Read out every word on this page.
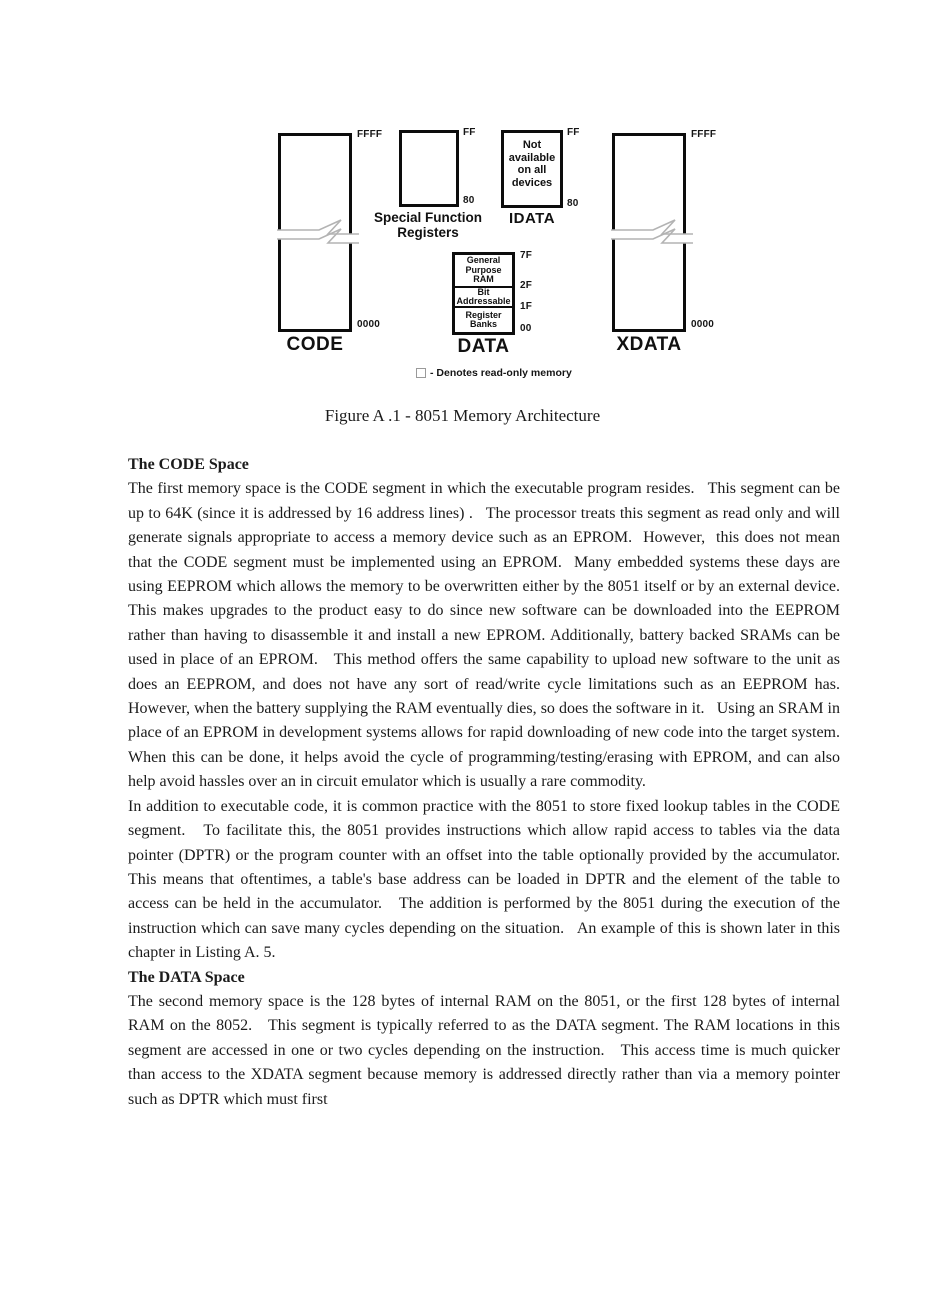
FFFF
0000
CODE
FF
80
Special Function Registers
Not available on all devices
FF
80
IDATA
General Purpose RAM
Bit Addressable
Register Banks
7F
2F
1F
00
DATA
FFFF
0000
XDATA
- Denotes read-only memory
Figure A .1 - 8051 Memory Architecture
The CODE Space

The first memory space is the CODE segment in which the executable program resides.   This segment can be up to 64K (since it is addressed by 16 address lines) .   The processor treats this segment as read only and will generate signals appropriate to access a memory device such as an EPROM.  However,  this does not mean that the CODE segment must be implemented using an EPROM.  Many embedded systems these days are using EEPROM which allows the memory to be overwritten either by the 8051 itself or by an external device. This makes upgrades to the product easy to do since new software can be downloaded into the EEPROM rather than having to disassemble it and install a new EPROM. Additionally, battery backed SRAMs can be used in place of an EPROM.   This method offers the same capability to upload new software to the unit as does an EEPROM, and does not have any sort of read/write cycle limitations such as an EEPROM has.   However, when the battery supplying the RAM eventually dies, so does the software in it.   Using an SRAM in place of an EPROM in development systems allows for rapid downloading of new code into the target system. When this can be done, it helps avoid the cycle of programming/testing/erasing with EPROM, and can also help avoid hassles over an in circuit emulator which is usually a rare commodity.

In addition to executable code, it is common practice with the 8051 to store fixed lookup tables in the CODE segment.   To facilitate this, the 8051 provides instructions which allow rapid access to tables via the data pointer (DPTR) or the program counter with an offset into the table optionally provided by the accumulator.   This means that oftentimes, a table's base address can be loaded in DPTR and the element of the table to access can be held in the accumulator.   The addition is performed by the 8051 during the execution of the instruction which can save many cycles depending on the situation.   An example of this is shown later in this chapter in Listing A. 5.

The DATA Space

The second memory space is the 128 bytes of internal RAM on the 8051, or the first 128 bytes of internal RAM on the 8052.   This segment is typically referred to as the DATA segment. The RAM locations in this segment are accessed in one or two cycles depending on the instruction.   This access time is much quicker than access to the XDATA segment because memory is addressed directly rather than via a memory pointer such as DPTR which must first
